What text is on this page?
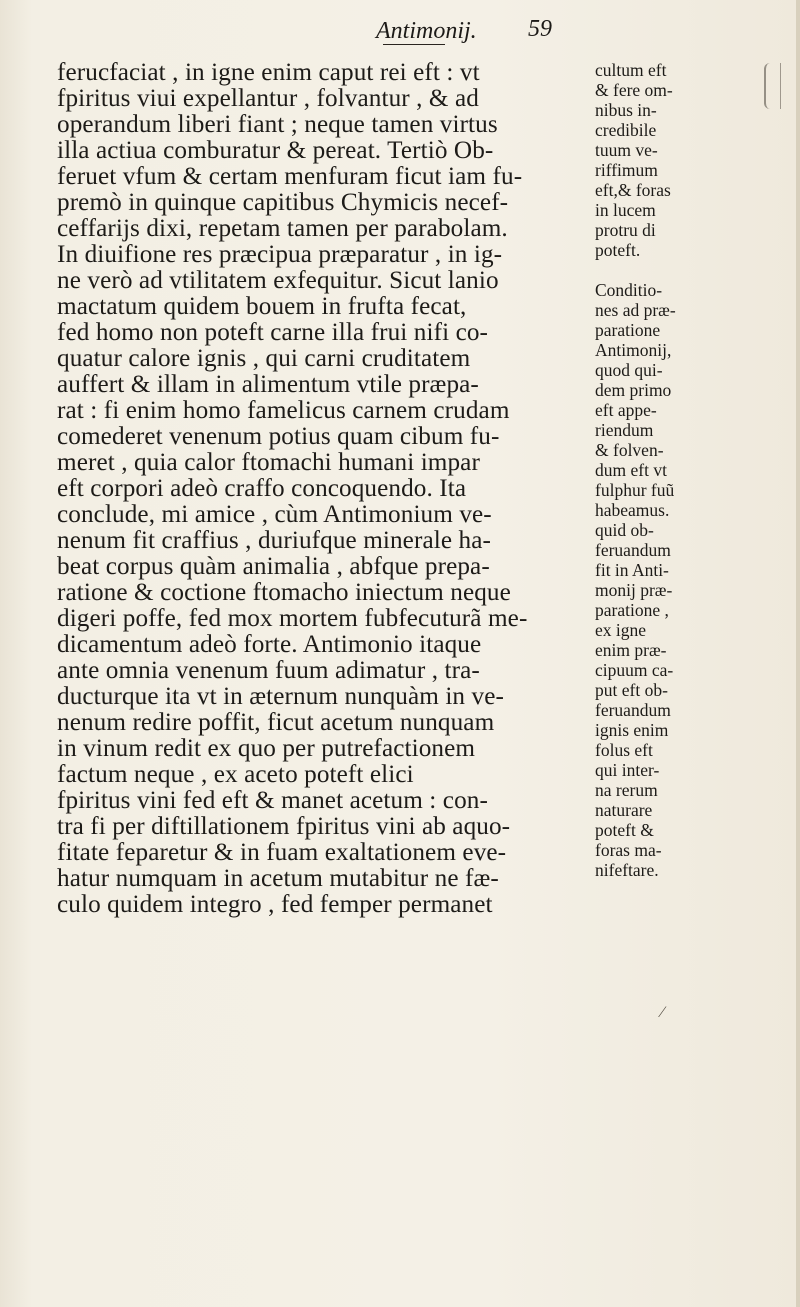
Antimonij. 59
ferucfaciat , in igne enim caput rei eft : vt
fpiritus viui expellantur , folvantur , & ad
operandum liberi fiant ; neque tamen virtus
illa actiua comburatur & pereat. Tertiò Ob-
feruet vfum & certam menfuram ficut iam fu-
premò in quinque capitibus Chymicis necef-
ceffarijs dixi, repetam tamen per parabolam.
In diuifione res præcipua præparatur , in ig-
ne verò ad vtilitatem exfequitur. Sicut lanio
mactatum quidem bouem in frufta fecat,
fed homo non poteft carne illa frui nifi co-
quatur calore ignis , qui carni cruditatem
auffert & illam in alimentum vtile præpa-
rat : fi enim homo famelicus carnem crudam
comederet venenum potius quam cibum fu-
meret , quia calor ftomachi humani impar
eft corpori adeò craffo concoquendo. Ita
conclude, mi amice , cùm Antimonium ve-
nenum fit craffius , duriufque minerale ha-
beat corpus quàm animalia , abfque prepa-
ratione & coctione ftomacho iniectum neque
digeri poffe, fed mox mortem fubfecuturã me-
dicamentum adeò forte. Antimonio itaque
ante omnia venenum fuum adimatur , tra-
ducturque ita vt in æternum nunquàm in ve-
nenum redire poffit, ficut acetum nunquam
in vinum redit ex quo per putrefactionem
factum neque , ex aceto poteft elici
fpiritus vini fed eft & manet acetum : con-
tra fi per diftillationem fpiritus vini ab aquo-
fitate feparetur & in fuam exaltationem eve-
hatur numquam in acetum mutabitur ne fæ-
culo quidem integro , fed femper permanet
cultum eft
& fere om-
nibus in-
credibile
tuum ve-
riffimum
eft,& foras
in lucem
protru di
poteft.
Conditio-
nes ad præ-
paratione
Antimonij,
quod qui-
dem primo
eft appe-
riendum
& folven-
dum eft vt
fulphur fuũ
habeamus.
quid ob-
feruandum
fit in Anti-
monij præ-
paratione ,
ex igne
enim præ-
cipuum ca-
put eft ob-
feruandum
ignis enim
folus eft
qui inter-
na rerum
naturare
poteft &
foras ma-
nifeftare.
⁄
